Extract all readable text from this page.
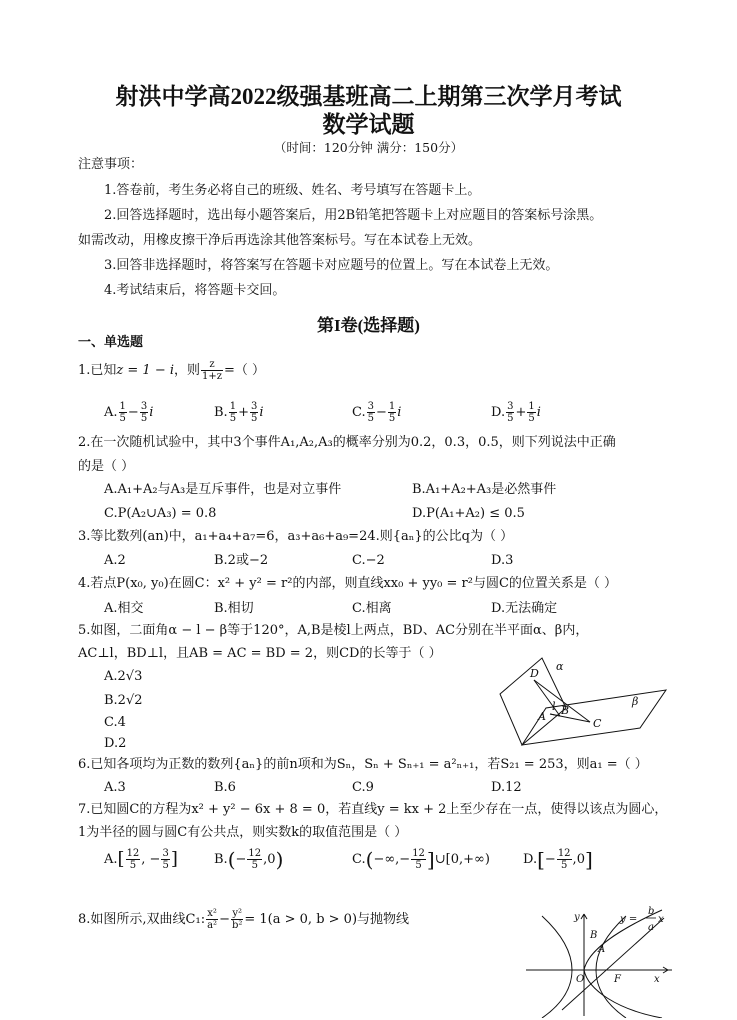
射洪中学高2022级强基班高二上期第三次学月考试
数学试题
（时间：120分钟 满分：150分）
注意事项：
1.答卷前，考生务必将自己的班级、姓名、考号填写在答题卡上。
2.回答选择题时，选出每小题答案后，用2B铅笔把答题卡上对应题目的答案标号涂黑。
如需改动，用橡皮擦干净后再选涂其他答案标号。写在本试卷上无效。
3.回答非选择题时，将答案写在答题卡对应题号的位置上。写在本试卷上无效。
4.考试结束后，将答题卡交回。
第I卷(选择题)
一、单选题
1.已知z = 1 − i，则 $\frac{z}{1+z}$ =（ ）
A. $\frac{1}{5} - \frac{3}{5}$ i	B. $\frac{1}{5} + \frac{3}{5}$ i	C. $\frac{3}{5} - \frac{1}{5}$ i	D. $\frac{3}{5} + \frac{1}{5}$ i
2.在一次随机试验中，其中3个事件A₁,A₂,A₃的概率分别为0.2，0.3，0.5，则下列说法中正确
的是（ ）
A.A₁+A₂与A₃是互斥事件，也是对立事件	B.A₁+A₂+A₃是必然事件
C.P(A₂∪A₃) = 0.8	D.P(A₁+A₂) ≤ 0.5
3.等比数列(an)中，a₁+a₄+a₇=6，a₃+a₆+a₉=24.则{aₙ}的公比q为（ ）
A.2	B.2或−2	C.−2	D.3
4.若点P(x₀, y₀)在圆C：x² + y² = r²的内部，则直线xx₀ + yy₀ = r²与圆C的位置关系是（ ）
A.相交	B.相切	C.相离	D.无法确定
5.如图，二面角α − l − β等于120°，A,B是棱l上两点，BD、AC分别在半平面α、β内，
AC⊥l，BD⊥l，且AB = AC = BD = 2，则CD的长等于（ ）
A.2√3
B.2√2
C.4
D.2
α
β
D
A B
C
l
6.已知各项均为正数的数列{aₙ}的前n项和为Sₙ，Sₙ + Sₙ₊₁ = a²ₙ₊₁，若S₂₁ = 253，则a₁ =（ ）
A.3	B.6	C.9	D.12
7.已知圆C的方程为x² + y² − 6x + 8 = 0，若直线y = kx + 2上至少存在一点，使得以该点为圆心，
1为半径的圆与圆C有公共点，则实数k的取值范围是（ ）
$A.[ \frac{12}{5}$ , − $\frac{3}{5}$ ]	$B.(- \frac{12}{5} ,0)$	$C.(-\infty,- \frac{12}{5}$ ]∪[0,+∞)	$D.[- \frac{12}{5} ,0]$
8.如图所示,双曲线C₁: $\frac{\text{x²}}{\text{a²}} - \frac{\text{y²}}{\text{b²}} = 1(a > 0$, b > 0)与抛物线	y
x
O	F
A
B
y =
b
a
x
